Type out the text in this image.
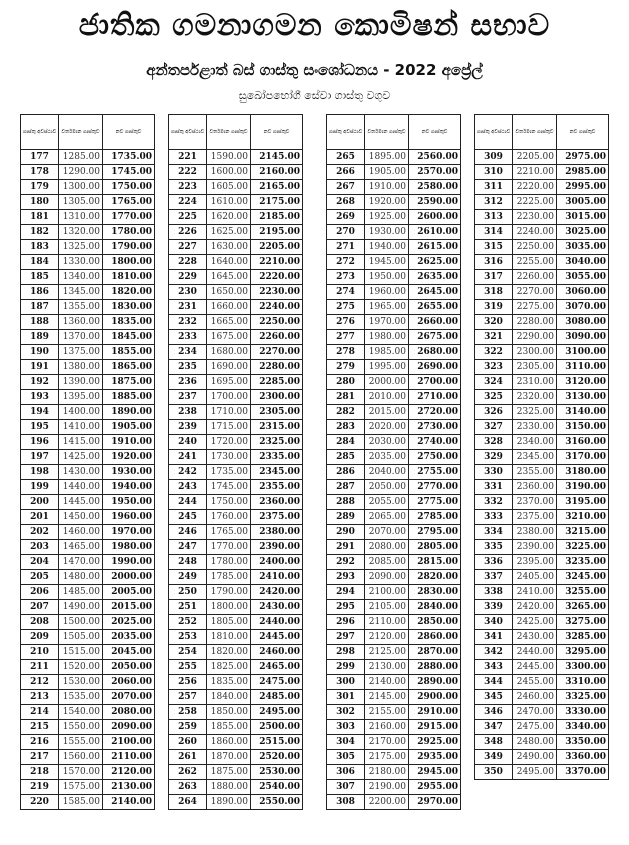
ජාතික ගමනාගමන කොමිෂන් සභාව
අන්තර්පළාත් බස් ගාස්තු සංශෝධනය - 2022 අප්‍රේල්
සුඛෝපභෝගී සේවා ගාස්තු වගුව
ගාස්තු අවස්ථාව	වර්තමාන ගාස්තුව	නව ගාස්තුව
177	1285.00	1735.00
178	1290.00	1745.00
179	1300.00	1750.00
180	1305.00	1765.00
181	1310.00	1770.00
182	1320.00	1780.00
183	1325.00	1790.00
184	1330.00	1800.00
185	1340.00	1810.00
186	1345.00	1820.00
187	1355.00	1830.00
188	1360.00	1835.00
189	1370.00	1845.00
190	1375.00	1855.00
191	1380.00	1865.00
192	1390.00	1875.00
193	1395.00	1885.00
194	1400.00	1890.00
195	1410.00	1905.00
196	1415.00	1910.00
197	1425.00	1920.00
198	1430.00	1930.00
199	1440.00	1940.00
200	1445.00	1950.00
201	1450.00	1960.00
202	1460.00	1970.00
203	1465.00	1980.00
204	1470.00	1990.00
205	1480.00	2000.00
206	1485.00	2005.00
207	1490.00	2015.00
208	1500.00	2025.00
209	1505.00	2035.00
210	1515.00	2045.00
211	1520.00	2050.00
212	1530.00	2060.00
213	1535.00	2070.00
214	1540.00	2080.00
215	1550.00	2090.00
216	1555.00	2100.00
217	1560.00	2110.00
218	1570.00	2120.00
219	1575.00	2130.00
220	1585.00	2140.00
ගාස්තු අවස්ථාව	වර්තමාන ගාස්තුව	නව ගාස්තුව
221	1590.00	2145.00
222	1600.00	2160.00
223	1605.00	2165.00
224	1610.00	2175.00
225	1620.00	2185.00
226	1625.00	2195.00
227	1630.00	2205.00
228	1640.00	2210.00
229	1645.00	2220.00
230	1650.00	2230.00
231	1660.00	2240.00
232	1665.00	2250.00
233	1675.00	2260.00
234	1680.00	2270.00
235	1690.00	2280.00
236	1695.00	2285.00
237	1700.00	2300.00
238	1710.00	2305.00
239	1715.00	2315.00
240	1720.00	2325.00
241	1730.00	2335.00
242	1735.00	2345.00
243	1745.00	2355.00
244	1750.00	2360.00
245	1760.00	2375.00
246	1765.00	2380.00
247	1770.00	2390.00
248	1780.00	2400.00
249	1785.00	2410.00
250	1790.00	2420.00
251	1800.00	2430.00
252	1805.00	2440.00
253	1810.00	2445.00
254	1820.00	2460.00
255	1825.00	2465.00
256	1835.00	2475.00
257	1840.00	2485.00
258	1850.00	2495.00
259	1855.00	2500.00
260	1860.00	2515.00
261	1870.00	2520.00
262	1875.00	2530.00
263	1880.00	2540.00
264	1890.00	2550.00
ගාස්තු අවස්ථාව	වර්තමාන ගාස්තුව	නව ගාස්තුව
265	1895.00	2560.00
266	1905.00	2570.00
267	1910.00	2580.00
268	1920.00	2590.00
269	1925.00	2600.00
270	1930.00	2610.00
271	1940.00	2615.00
272	1945.00	2625.00
273	1950.00	2635.00
274	1960.00	2645.00
275	1965.00	2655.00
276	1970.00	2660.00
277	1980.00	2675.00
278	1985.00	2680.00
279	1995.00	2690.00
280	2000.00	2700.00
281	2010.00	2710.00
282	2015.00	2720.00
283	2020.00	2730.00
284	2030.00	2740.00
285	2035.00	2750.00
286	2040.00	2755.00
287	2050.00	2770.00
288	2055.00	2775.00
289	2065.00	2785.00
290	2070.00	2795.00
291	2080.00	2805.00
292	2085.00	2815.00
293	2090.00	2820.00
294	2100.00	2830.00
295	2105.00	2840.00
296	2110.00	2850.00
297	2120.00	2860.00
298	2125.00	2870.00
299	2130.00	2880.00
300	2140.00	2890.00
301	2145.00	2900.00
302	2155.00	2910.00
303	2160.00	2915.00
304	2170.00	2925.00
305	2175.00	2935.00
306	2180.00	2945.00
307	2190.00	2955.00
308	2200.00	2970.00
ගාස්තු අවස්ථාව	වර්තමාන ගාස්තුව	නව ගාස්තුව
309	2205.00	2975.00
310	2210.00	2985.00
311	2220.00	2995.00
312	2225.00	3005.00
313	2230.00	3015.00
314	2240.00	3025.00
315	2250.00	3035.00
316	2255.00	3040.00
317	2260.00	3055.00
318	2270.00	3060.00
319	2275.00	3070.00
320	2280.00	3080.00
321	2290.00	3090.00
322	2300.00	3100.00
323	2305.00	3110.00
324	2310.00	3120.00
325	2320.00	3130.00
326	2325.00	3140.00
327	2330.00	3150.00
328	2340.00	3160.00
329	2345.00	3170.00
330	2355.00	3180.00
331	2360.00	3190.00
332	2370.00	3195.00
333	2375.00	3210.00
334	2380.00	3215.00
335	2390.00	3225.00
336	2395.00	3235.00
337	2405.00	3245.00
338	2410.00	3255.00
339	2420.00	3265.00
340	2425.00	3275.00
341	2430.00	3285.00
342	2440.00	3295.00
343	2445.00	3300.00
344	2455.00	3310.00
345	2460.00	3325.00
346	2470.00	3330.00
347	2475.00	3340.00
348	2480.00	3350.00
349	2490.00	3360.00
350	2495.00	3370.00
